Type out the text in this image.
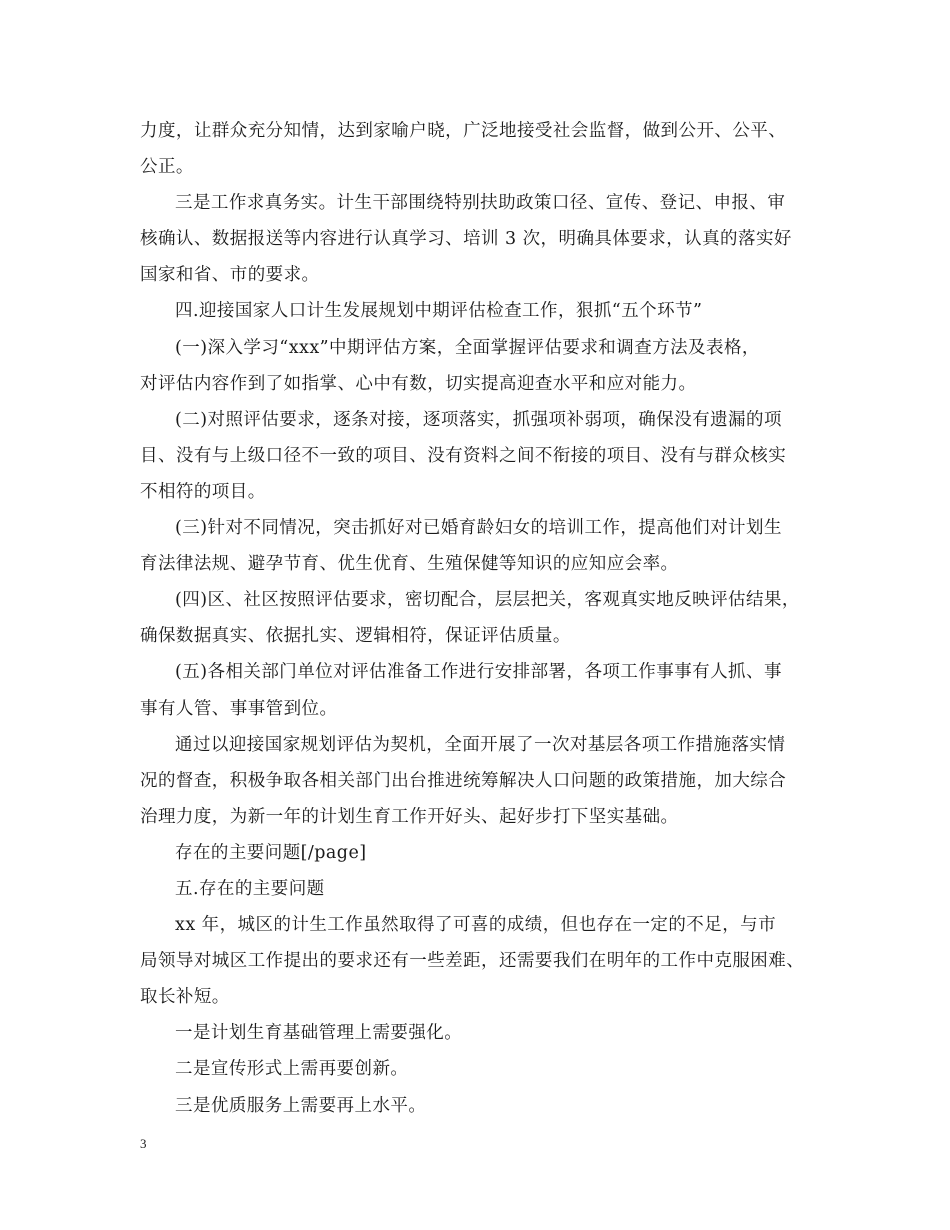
力度，让群众充分知情，达到家喻户晓，广泛地接受社会监督，做到公开、公平、
公正。
三是工作求真务实。计生干部围绕特别扶助政策口径、宣传、登记、申报、审
核确认、数据报送等内容进行认真学习、培训 3 次，明确具体要求，认真的落实好
国家和省、市的要求。
四.迎接国家人口计生发展规划中期评估检查工作，狠抓“五个环节”
(一)深入学习“xxx”中期评估方案，全面掌握评估要求和调查方法及表格，
对评估内容作到了如指掌、心中有数，切实提高迎查水平和应对能力。
(二)对照评估要求，逐条对接，逐项落实，抓强项补弱项，确保没有遗漏的项
目、没有与上级口径不一致的项目、没有资料之间不衔接的项目、没有与群众核实
不相符的项目。
(三)针对不同情况，突击抓好对已婚育龄妇女的培训工作，提高他们对计划生
育法律法规、避孕节育、优生优育、生殖保健等知识的应知应会率。
(四)区、社区按照评估要求，密切配合，层层把关，客观真实地反映评估结果，
确保数据真实、依据扎实、逻辑相符，保证评估质量。
(五)各相关部门单位对评估准备工作进行安排部署，各项工作事事有人抓、事
事有人管、事事管到位。
通过以迎接国家规划评估为契机，全面开展了一次对基层各项工作措施落实情
况的督查，积极争取各相关部门出台推进统筹解决人口问题的政策措施，加大综合
治理力度，为新一年的计划生育工作开好头、起好步打下坚实基础。
存在的主要问题[/page]
五.存在的主要问题
xx 年，城区的计生工作虽然取得了可喜的成绩，但也存在一定的不足，与市
局领导对城区工作提出的要求还有一些差距，还需要我们在明年的工作中克服困难、
取长补短。
一是计划生育基础管理上需要强化。
二是宣传形式上需再要创新。
三是优质服务上需要再上水平。
3
